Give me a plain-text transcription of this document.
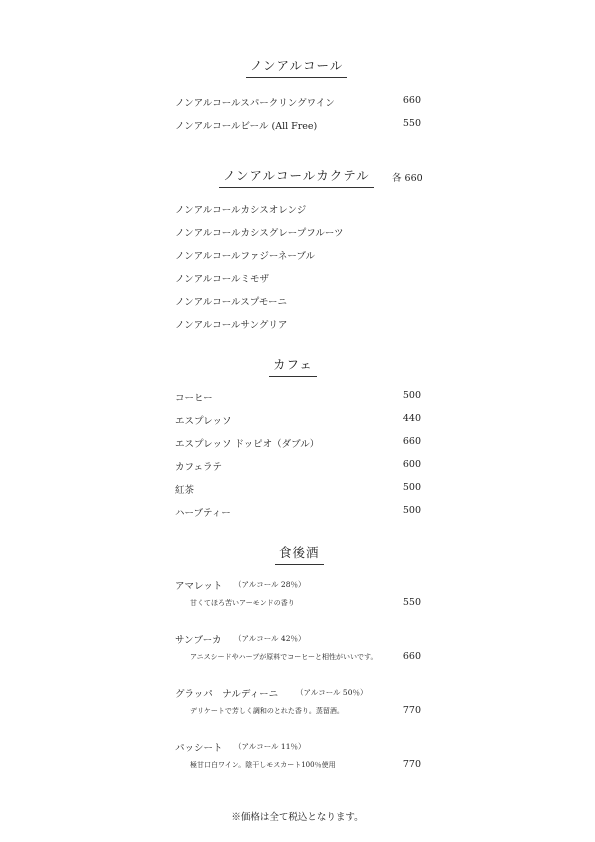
ノンアルコール
ノンアルコールスパークリングワイン	660
ノンアルコールビール (All Free)	550
ノンアルコールカクテル	各 660
ノンアルコールカシスオレンジ
ノンアルコールカシスグレープフルーツ
ノンアルコールファジーネーブル
ノンアルコールミモザ
ノンアルコールスプモーニ
ノンアルコールサングリア
カフェ
コーヒー	500
エスプレッソ	440
エスプレッソ ドッピオ（ダブル）	660
カフェラテ	600
紅茶	500
ハーブティー	500
食後酒
アマレット （アルコール 28％）
甘くてほろ苦いアーモンドの香り	550
サンブーカ （アルコール 42％）
アニスシードやハーブが原料でコーヒーと相性がいいです。	660
グラッパ　ナルディーニ （アルコール 50％）
デリケートで芳しく調和のとれた香り。蒸留酒。	770
パッシート （アルコール 11％）
極甘口白ワイン。陰干しモスカート100％使用	770
※価格は全て税込となります。
